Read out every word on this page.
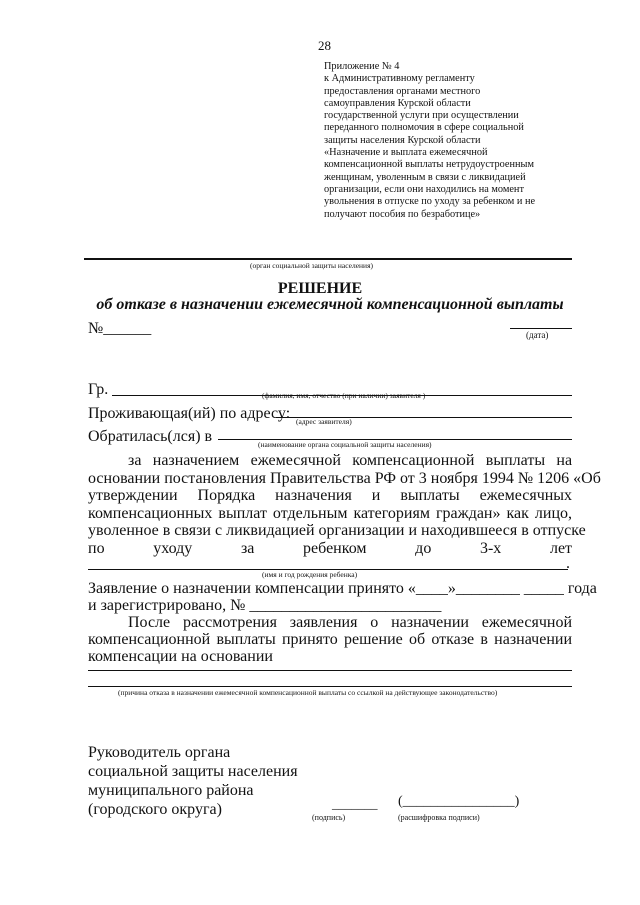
28
Приложение № 4
к Административному регламенту
предоставления органами местного
самоуправления Курской области
государственной услуги при осуществлении
переданного полномочия в сфере социальной
защиты населения Курской области
«Назначение и выплата ежемесячной
компенсационной выплаты нетрудоустроенным
женщинам, уволенным в связи с ликвидацией
организации, если они находились на момент
увольнения в отпуске по уходу за ребенком и не
получают пособия по безработице»
(орган социальной защиты населения)
РЕШЕНИЕ
об отказе в назначении ежемесячной компенсационной выплаты
№______	(дата)
Гр.	(фамилия, имя, отчество (при наличии) заявителя )
Проживающая(ий) по адресу: (адрес заявителя)
Обратилась(лся) в	(наименование органа социальной защиты населения)
за назначением ежемесячной компенсационной выплаты на
основании постановления Правительства РФ от 3 ноября 1994 № 1206 «Об
утверждении Порядка назначения и выплаты ежемесячных
компенсационных выплат отдельным категориям граждан» как лицо,
уволенное в связи с ликвидацией организации и находившееся в отпуске
по	уходу	за	ребенком	до	3-х	лет
.
(имя и год рождения ребенка)
Заявление о назначении компенсации принято «____»________ _____ года
и зарегистрировано, № ________________________
После рассмотрения заявления о назначении ежемесячной
компенсационной выплаты принято решение об отказе в назначении
компенсации на основании
(причина отказа в назначении ежемесячной компенсационной выплаты со ссылкой на действующее законодательство)
Руководитель органа
социальной защиты населения
муниципального района
(городского округа)	_______ (________________)
(подпись)	(расшифровка подписи)
